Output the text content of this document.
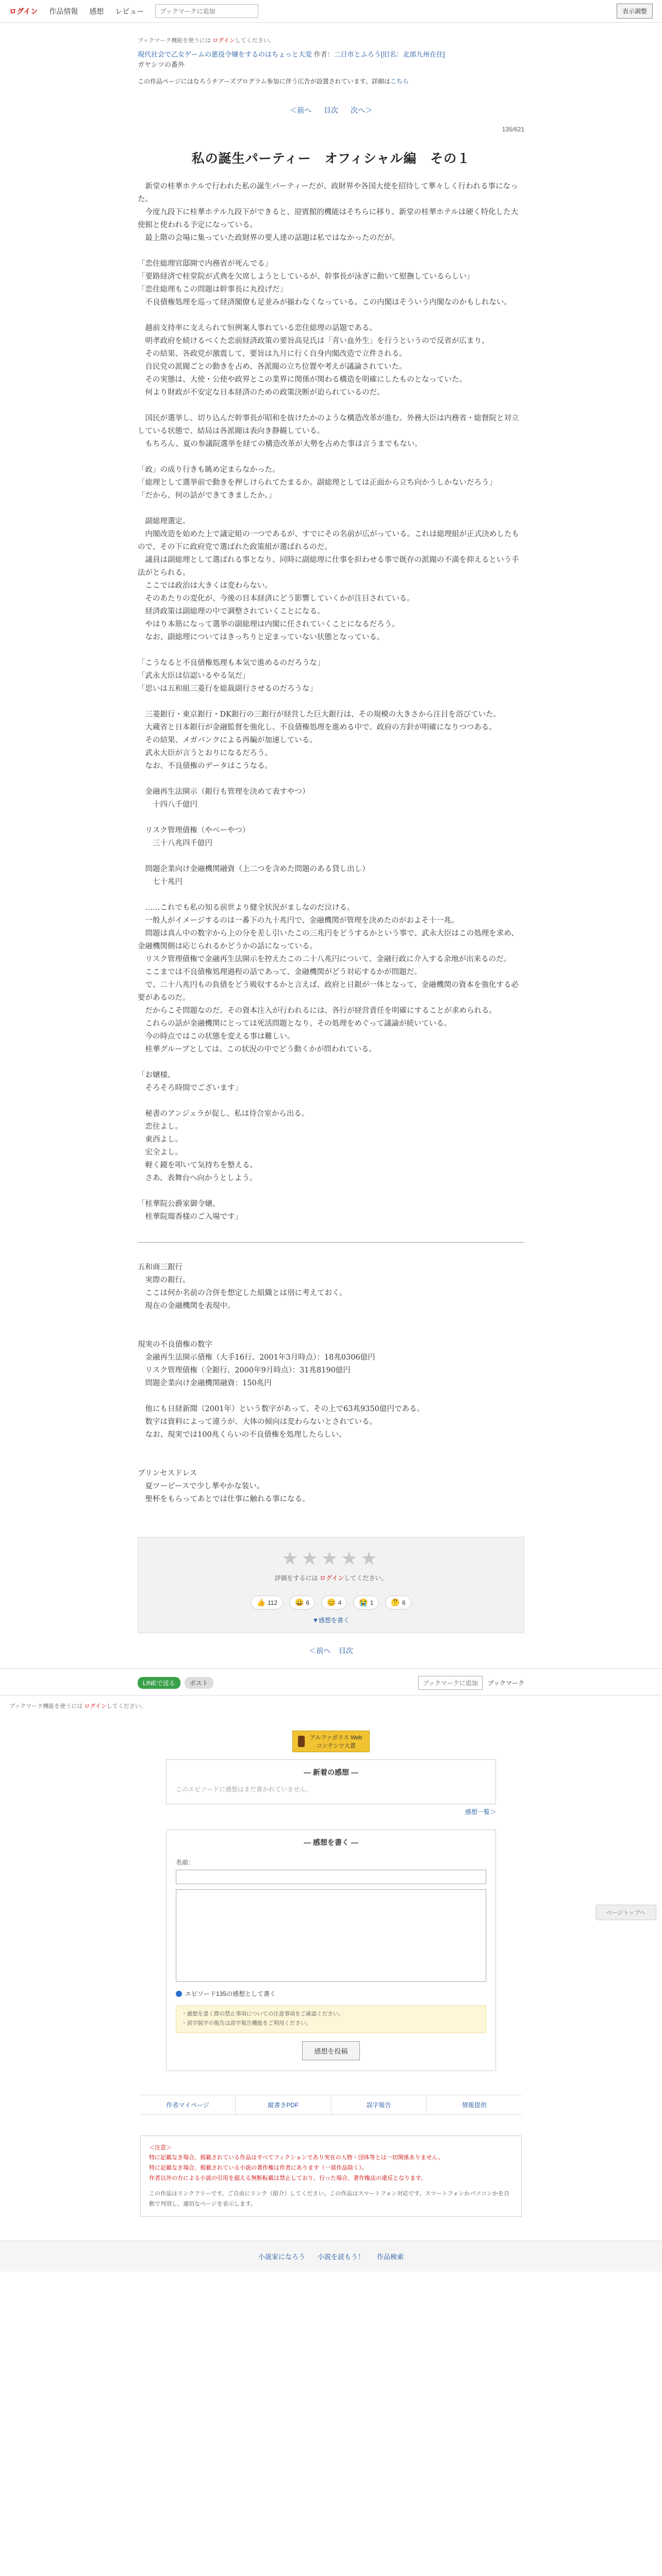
ログイン 作品情報 感想 レビュー	ブックマークに追加	表示調整
ブックマーク機能を使うには ログインしてください。
現代社会で乙女ゲームの悪役令嬢をするのはちょっと大変 作者：二日市とふろう[旧名：北部九州在住]
ガヤシツの番外
この作品ページにはなろうチアーズプログラム参加に伴う広告が設置されています。詳細はこちら
＜前へ 目次 次へ＞
135/621
私の誕生パーティー　オフィシャル編　その１

　新堂の桂華ホテルで行われた私の誕生パーティーだが、政財界や各国大使を招待して華々しく行われる事になった。

　今度九段下に桂華ホテル九段下ができると、迎賓館的機能はそちらに移り、新堂の桂華ホテルは硬く特化した大使館と使われる予定になっている。

　最上階の会場に集っていた政財界の要人達の話題は私ではなかったのだが。

「恋住総理官邸開で内務省が死んでる」

「要路経済で桂堂院が式典を欠席しようとしているが、幹事長が泳ぎに動いて慰撫しているらしい」

「恋住総理もこの問題は幹事長に丸投げだ」

　不良債権処理を巡って経済閣僚も足並みが揃わなくなっている。この内閣はそういう内閣なのかもしれない。

　越前支持率に支えられて恒例案人事れている恋住総理の話題である。

　明孝政府を続けるべくた恋前経済政策の要旨高見氏は「青い血外生」を行うというので反省が広まり、

　その結果、各政党が激震して、要旨は九月に行く自身内閣改造で立件される。

　自民党の派閥ごとの動きを占め、各派閥の立ち位置や考えが議論されていた。

　その実態は、大使・公使や政界とこの業界に関係が関わる構造を明確にしたものとなっていた。

　何より財政が不安定な日本経済のための政策決断が迫られているのだ。

　国民が選挙し、切り込んだ幹事長が昭和を抜けたかのような構造改革が進む。外務大臣は内務省・総督院と対立している状態で、結局は各派閥は表向き静観している。

　もちろん、夏の参議院選挙を経ての構造改革が大勢を占めた事は言うまでもない。

「政」の成り行きも眺め定まらなかった。

「総理として選挙前で動きを押しけられてたまるか。副総理としては正面から立ち向かうしかないだろう」

「だから、何の話ができてきましたか。」

　副総理選定。

　内閣改造を始めた上で議定組の一つであるが、すでにその名前が広がっている。これは総理組が正式決めしたもので、その下に政府党で選ばれた政策組が選ばれるのだ。

　議員は副総理として選ばれる事となり、同時に副総理に仕事を担わせる事で既存の派閥の不満を抑えるという手法がとられる。

　ここでは政治は大きくは変わらない。

　そのあたりの変化が、今後の日本経済にどう影響していくかが注目されている。

　経済政策は副総理の中で調整されていくことになる。

　やはり本筋になって選挙の副総理は内閣に任されていくことになるだろう。

　なお、副総理についてはきっちりと定まっていない状態となっている。

「こうなると不良債権処理も本気で進めるのだろうな」

「武永大臣は信認いるやる気だ」

「思いは五和組三菱行を総裁副行させるのだろうな」

　三菱銀行・東京銀行・DK銀行の三銀行が経営した巨大銀行は、その規模の大きさから注目を浴びていた。

　大蔵省と日本銀行が金融監督を強化し、不良債権処理を進める中で、政府の方針が明確になりつつある。

　その結果、メガバンクによる再編が加速している。

　武永大臣が言うとおりになるだろう。

　なお、不良債権のデータはこうなる。

　金融再生法開示（銀行も管理を決めて表すやつ）

　　十四八千億円

　リスク管理債権（やべーやつ）

　　三十八兆四千億円

　問題企業向け金融機関融資（上二つを含めた問題のある貸し出し）

　　七十兆円

　……これでも私の知る前世より健全状況がましなのだ泣ける。

　一般人がイメージするのは一番下の九十兆円で、金融機関が管理を決めたのがおよそ十一兆。

　問題は真ん中の数字から上の分を差し引いたこの三兆円をどうするかという事で、武永大臣はこの処理を求め、金融機関側は応じられるかどうかの話になっている。

　リスク管理債権で金融再生法開示を控えたこの二十八兆円について、金融行政に介入する余地が出来るのだ。

　ここまでは不良債権処理過程の話であって、金融機関がどう対応するかが問題だ。

　で、二十八兆円もの負債をどう吸収するかと言えば、政府と日銀が一体となって、金融機関の資本を強化する必要があるのだ。

　だからこそ問題なのだ。その資本注入が行われるには、各行が経営責任を明確にすることが求められる。

　これらの話が金融機関にとっては死活問題となり、その処理をめぐって議論が続いている。

　今の時点ではこの状態を変える事は難しい。

　桂華グループとしては、この状況の中でどう動くかが問われている。

「お嬢様、

　そろそろ時間でございます」

　秘書のアンジェラが促し、私は待合室から出る。

　恋住よし。

　東西よし。

　宏全よし。

　軽く鏡を叩いて気持ちを整える。

　さあ、表舞台へ向かうとしよう。

「桂華院公爵家御令嬢、

　桂華院瑠香様のご入場です」

五和商三銀行

　実際の銀行。

　ここは何か名前の合併を想定した組織とは別に考えておく。

　現在の金融機関を表現中。

現実の不良債権の数字

　金融再生法開示債権（大手16行、2001年3月時点）：18兆0306億円

　リスク管理債権（全銀行、2000年9月時点）：31兆8190億円

　問題企業向け金融機関融資：150兆円

　他にも日経新聞（2001年）という数字があって、その上で63兆9350億円である。

　数字は資料によって違うが、大体の傾向は変わらないとされている。

　なお、現実では100兆くらいの不良債権を処理したらしい。

プリンセスドレス

　夏ツーピースで少し華やかな装い。

　聖杯をもらってあとでは仕事に触れる事になる。

★★★★★
評価をするには ログインしてください。
👍 112 😀 6 😊 4 😭 1 🤔 6
▼感想を書く
＜前へ 目次
ページトップへ
LINEで送る	ポスト	ブックマークに追加	ブックマーク
ブックマーク機能を使うには ログインしてください。
アルファポリス Webコンテンツ大賞
— 新着の感想 —
このエピソードに感想はまだ書かれていません。
感想一覧＞
— 感想を書く —
名前：
エピソード135の感想として書く
・感想を書く際の禁止事項についての注意事項をご確認ください。
・誤字脱字の報告は誤字報告機能をご利用ください。
感想を投稿
作者マイページ	縦書きPDF	誤字報告	情報提供
＜注意＞
特に記載なき場合、掲載されている作品はすべてフィクションであり実在の人物・団体等とは一切関係ありません。
特に記載なき場合、掲載されている小説の著作権は作者にあります（一部作品除く）。
作者以外の方による小説の引用を超える無断転載は禁止しており、行った場合、著作権法の違反となります。
この作品はリンクフリーです。ご自由にリンク（紹介）してください。この作品はスマートフォン対応です。スマートフォンかパソコンかを自動で判別し、適切なページを表示します。
小説家になろう 小説を読もう！ 作品検索
